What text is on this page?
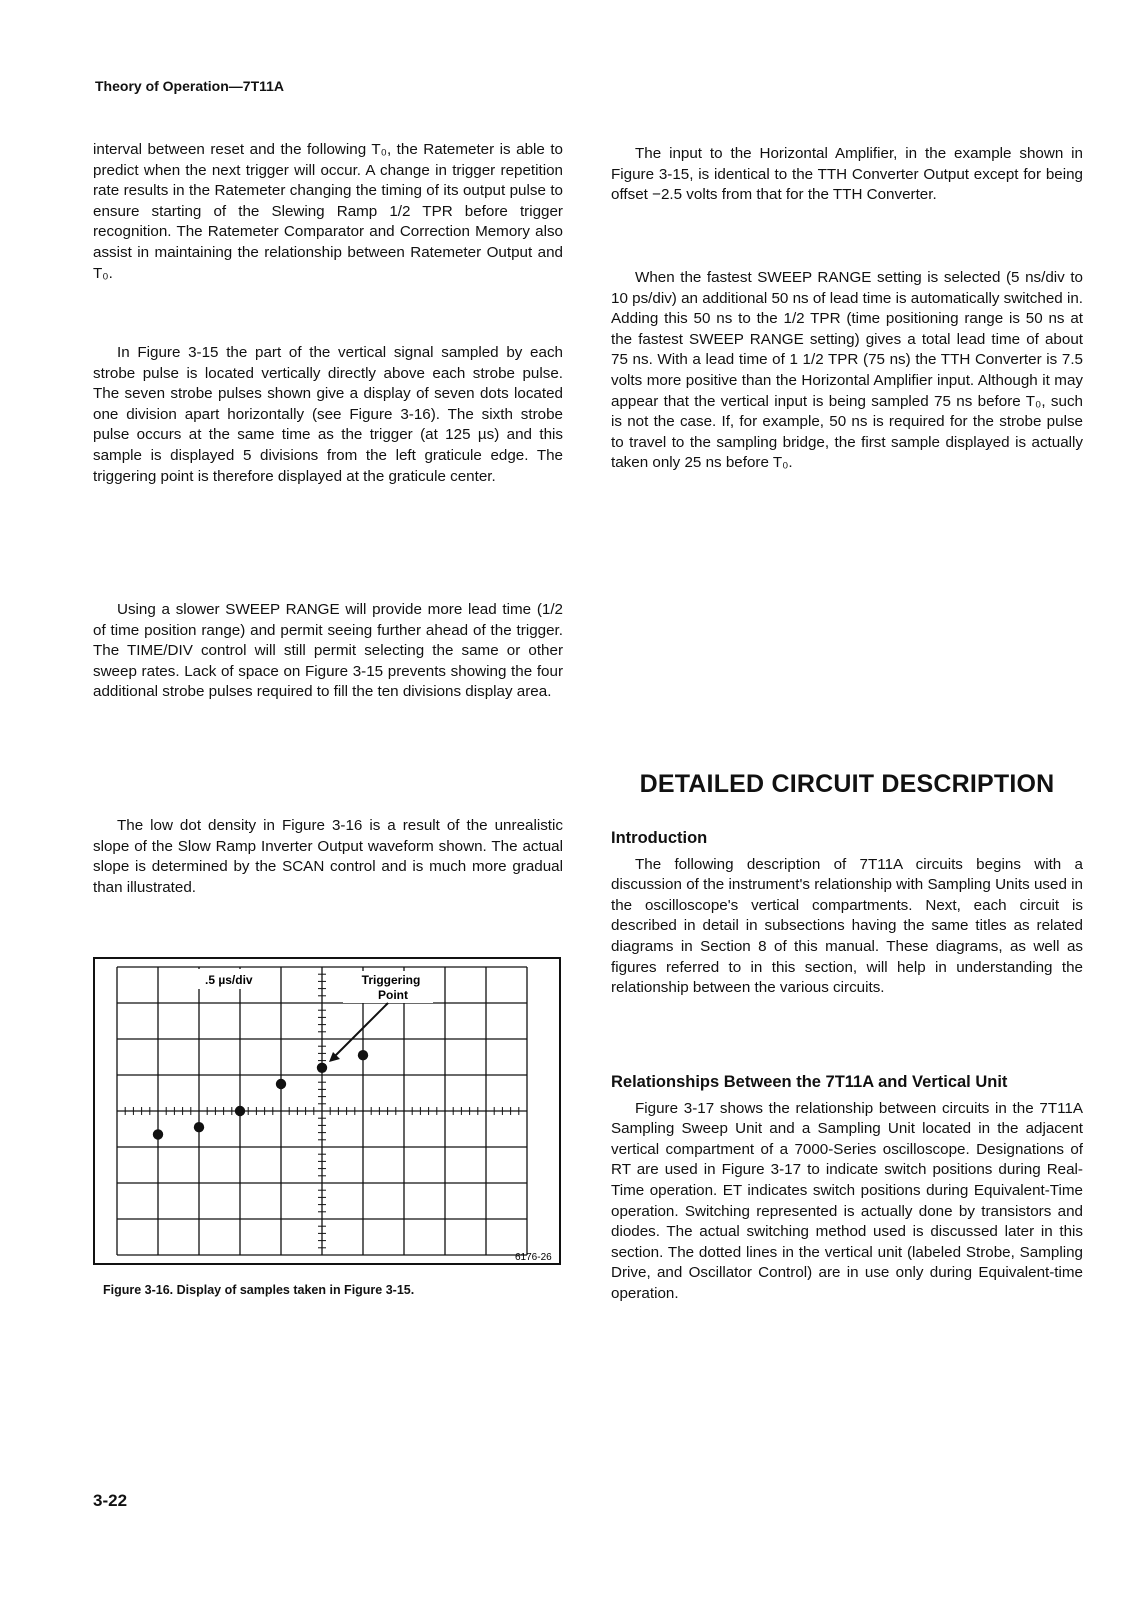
Theory of Operation—7T11A

interval between reset and the following T₀, the Ratemeter is able to predict when the next trigger will occur. A change in trigger repetition rate results in the Ratemeter changing the timing of its output pulse to ensure starting of the Slewing Ramp 1/2 TPR before trigger recognition. The Ratemeter Comparator and Correction Memory also assist in maintaining the relationship between Ratemeter Output and T₀.

In Figure 3-15 the part of the vertical signal sampled by each strobe pulse is located vertically directly above each strobe pulse. The seven strobe pulses shown give a display of seven dots located one division apart horizontally (see Figure 3-16). The sixth strobe pulse occurs at the same time as the trigger (at 125 µs) and this sample is displayed 5 divisions from the left graticule edge. The triggering point is therefore displayed at the graticule center.

Using a slower SWEEP RANGE will provide more lead time (1/2 of time position range) and permit seeing further ahead of the trigger. The TIME/DIV control will still permit selecting the same or other sweep rates. Lack of space on Figure 3-15 prevents showing the four additional strobe pulses required to fill the ten divisions display area.

The low dot density in Figure 3-16 is a result of the unrealistic slope of the Slow Ramp Inverter Output waveform shown. The actual slope is determined by the SCAN control and is much more gradual than illustrated.

The input to the Horizontal Amplifier, in the example shown in Figure 3-15, is identical to the TTH Converter Output except for being offset −2.5 volts from that for the TTH Converter.

When the fastest SWEEP RANGE setting is selected (5 ns/div to 10 ps/div) an additional 50 ns of lead time is automatically switched in. Adding this 50 ns to the 1/2 TPR (time positioning range is 50 ns at the fastest SWEEP RANGE setting) gives a total lead time of about 75 ns. With a lead time of 1 1/2 TPR (75 ns) the TTH Converter is 7.5 volts more positive than the Horizontal Amplifier input. Although it may appear that the vertical input is being sampled 75 ns before T₀, such is not the case. If, for example, 50 ns is required for the strobe pulse to travel to the sampling bridge, the first sample displayed is actually taken only 25 ns before T₀.

DETAILED CIRCUIT DESCRIPTION
Introduction

The following description of 7T11A circuits begins with a discussion of the instrument's relationship with Sampling Units used in the oscilloscope's vertical compartments. Next, each circuit is described in detail in subsections having the same titles as related diagrams in Section 8 of this manual. These diagrams, as well as figures referred to in this section, will help in understanding the relationship between the various circuits.

Relationships Between the 7T11A and Vertical Unit

Figure 3-17 shows the relationship between circuits in the 7T11A Sampling Sweep Unit and a Sampling Unit located in the adjacent vertical compartment of a 7000-Series oscilloscope. Designations of RT are used in Figure 3-17 to indicate switch positions during Real-Time operation. ET indicates switch positions during Equivalent-Time operation. Switching represented is actually done by transistors and diodes. The actual switching method used is discussed later in this section. The dotted lines in the vertical unit (labeled Strobe, Sampling Drive, and Oscillator Control) are in use only during Equivalent-time operation.

.5 µs/div	Triggering
Point
6176-26
Figure 3-16. Display of samples taken in Figure 3-15.
3-22
